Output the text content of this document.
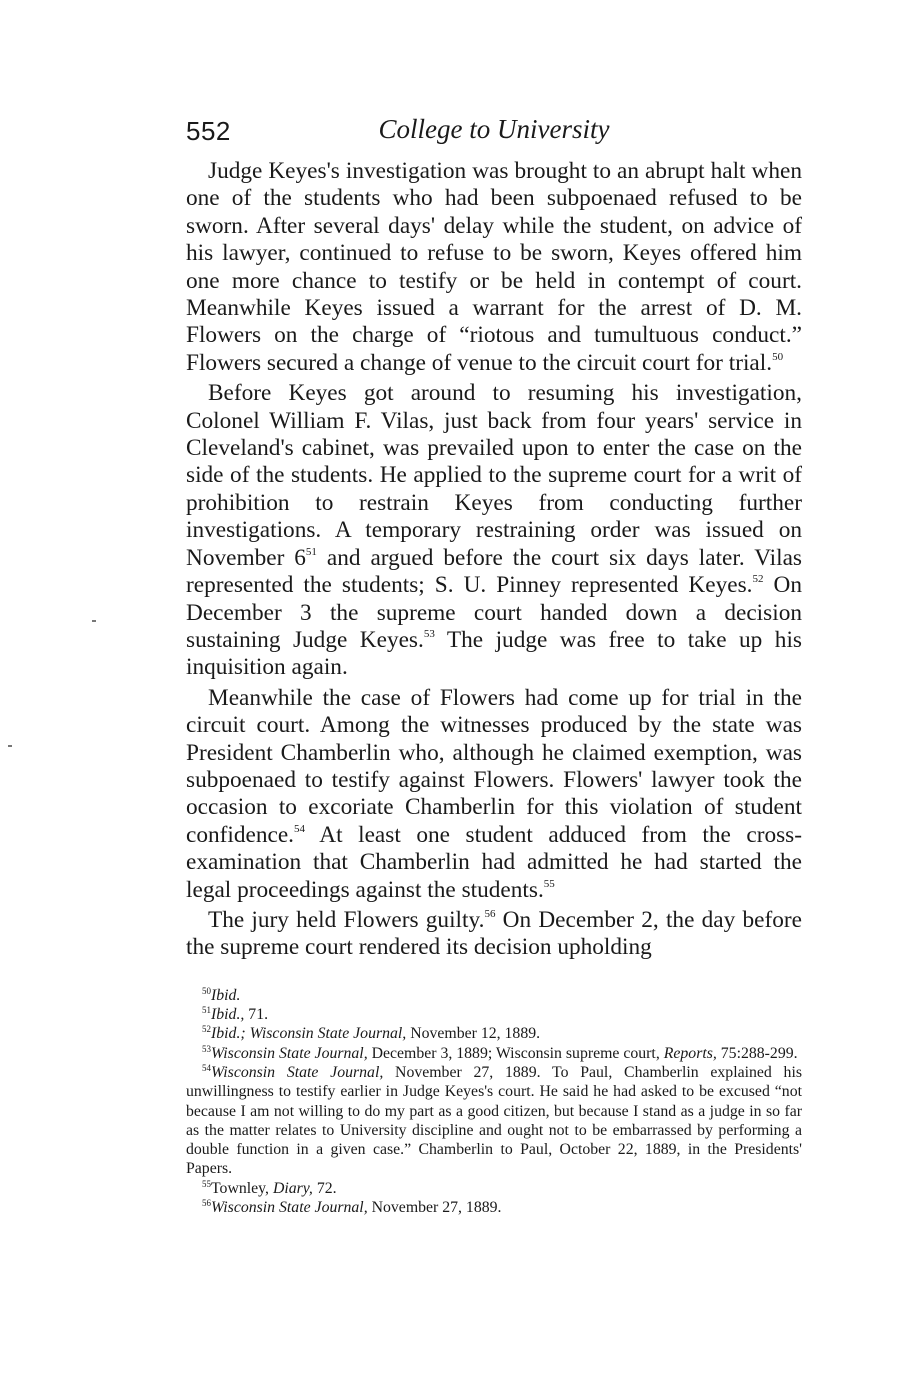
552	College to University

Judge Keyes's investigation was brought to an abrupt halt when one of the students who had been subpoenaed refused to be sworn. After several days' delay while the student, on advice of his lawyer, continued to refuse to be sworn, Keyes offered him one more chance to testify or be held in contempt of court. Meanwhile Keyes issued a warrant for the arrest of D. M. Flowers on the charge of “riotous and tumultuous conduct.” Flowers secured a change of venue to the circuit court for trial.$^{50}$

Before Keyes got around to resuming his investigation, Colonel William F. Vilas, just back from four years' service in Cleveland's cabinet, was prevailed upon to enter the case on the side of the students. He applied to the supreme court for a writ of prohibition to restrain Keyes from conducting further investigations. A temporary restraining order was issued on November $6^{51}$ and argued before the court six days later. Vilas represented the students; S. U. Pinney represented Keyes.$^{52}$ On December 3 the supreme court handed down a decision sustaining Judge Keyes.$^{53}$ The judge was free to take up his inquisition again.

Meanwhile the case of Flowers had come up for trial in the circuit court. Among the witnesses produced by the state was President Chamberlin who, although he claimed exemption, was subpoenaed to testify against Flowers. Flowers' lawyer took the occasion to excoriate Chamberlin for this violation of student confidence.$^{54}$ At least one student adduced from the cross-examination that Chamberlin had admitted he had started the legal proceedings against the students.$^{55}$

The jury held Flowers guilty.$^{56}$ On December 2, the day before the supreme court rendered its decision upholding

$^{50}$Ibid.

$^{51}$Ibid., 71.

$^{52}$Ibid.; Wisconsin State Journal, November 12, 1889.

$^{53}$Wisconsin State Journal, December 3, 1889; Wisconsin supreme court, Reports, 75:288-299.

$^{54}$Wisconsin State Journal, November 27, 1889. To Paul, Chamberlin explained his unwillingness to testify earlier in Judge Keyes's court. He said he had asked to be excused “not because I am not willing to do my part as a good citizen, but because I stand as a judge in so far as the matter relates to University discipline and ought not to be embarrassed by performing a double function in a given case.” Chamberlin to Paul, October 22, 1889, in the Presidents' Papers.

$^{55}$Townley, Diary, 72.

$^{56}$Wisconsin State Journal, November 27, 1889.
